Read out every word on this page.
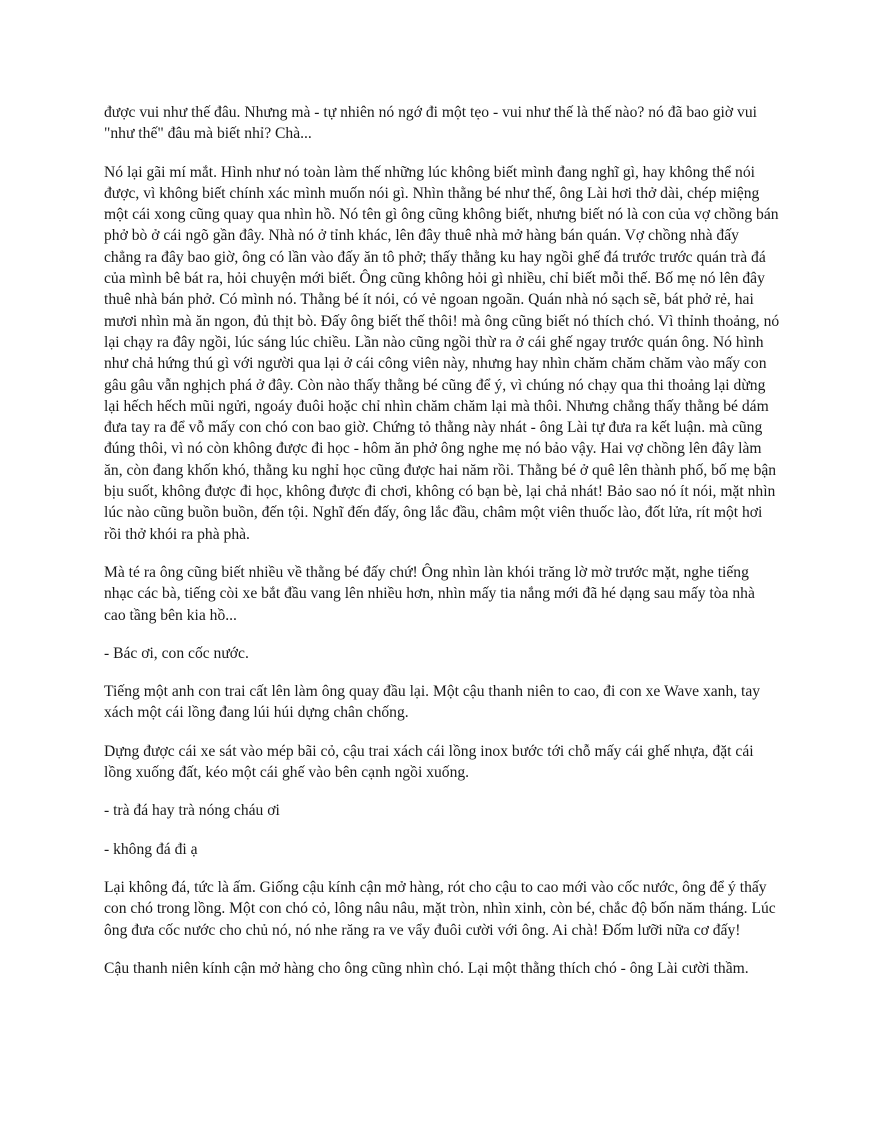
được vui như thế đâu. Nhưng mà - tự nhiên nó ngớ đi một tẹo - vui như thế là thế nào? nó đã bao giờ vui "như thế" đâu mà biết nhỉ? Chà...

Nó lại gãi mí mắt. Hình như nó toàn làm thế những lúc không biết mình đang nghĩ gì, hay không thể nói được, vì không biết chính xác mình muốn nói gì. Nhìn thằng bé như thế, ông Lài hơi thở dài, chép miệng một cái xong cũng quay qua nhìn hồ. Nó tên gì ông cũng không biết, nhưng biết nó là con của vợ chồng bán phở bò ở cái ngõ gần đây. Nhà nó ở tỉnh khác, lên đây thuê nhà mở hàng bán quán. Vợ chồng nhà đấy chẳng ra đây bao giờ, ông có lần vào đấy ăn tô phở; thấy thằng ku hay ngồi ghế đá trước trước quán trà đá của mình bê bát ra, hỏi chuyện mới biết. Ông cũng không hỏi gì nhiều, chỉ biết mỗi thế. Bố mẹ nó lên đây thuê nhà bán phở. Có mình nó. Thằng bé ít nói, có vẻ ngoan ngoãn. Quán nhà nó sạch sẽ, bát phở rẻ, hai mươi nhìn mà ăn ngon, đủ thịt bò. Đấy ông biết thế thôi! mà ông cũng biết nó thích chó. Vì thỉnh thoảng, nó lại chạy ra đây ngồi, lúc sáng lúc chiều. Lần nào cũng ngồi thừ ra ở cái ghế ngay trước quán ông. Nó hình như chả hứng thú gì với người qua lại ở cái công viên này, nhưng hay nhìn chăm chăm chăm vào mấy con gâu gâu vẫn nghịch phá ở đây. Còn nào thấy thằng bé cũng để ý, vì chúng nó chạy qua thi thoảng lại dừng lại hếch hếch mũi ngửi, ngoáy đuôi hoặc chỉ nhìn chăm chăm lại mà thôi. Nhưng chẳng thấy thằng bé dám đưa tay ra để vỗ mấy con chó con bao giờ. Chứng tỏ thằng này nhát - ông Lài tự đưa ra kết luận. mà cũng đúng thôi, vì nó còn không được đi học - hôm ăn phở ông nghe mẹ nó bảo vậy. Hai vợ chồng lên đây làm ăn, còn đang khốn khó, thằng ku nghỉ học cũng được hai năm rồi. Thằng bé ở quê lên thành phố, bố mẹ bận bịu suốt, không được đi học, không được đi chơi, không có bạn bè, lại chả nhát! Bảo sao nó ít nói, mặt nhìn lúc nào cũng buồn buồn, đến tội. Nghĩ đến đấy, ông lắc đầu, châm một viên thuốc lào, đốt lửa, rít một hơi rồi thở khói ra phà phà.

Mà té ra ông cũng biết nhiều về thằng bé đấy chứ! Ông nhìn làn khói trăng lờ mờ trước mặt, nghe tiếng nhạc các bà, tiếng còi xe bắt đầu vang lên nhiều hơn, nhìn mấy tia nắng mới đã hé dạng sau mấy tòa nhà cao tầng bên kia hồ...

- Bác ơi, con cốc nước.

Tiếng một anh con trai cất lên làm ông quay đầu lại. Một cậu thanh niên to cao, đi con xe Wave xanh, tay xách một cái lồng đang lúi húi dựng chân chống.

Dựng được cái xe sát vào mép bãi cỏ, cậu trai xách cái lồng inox bước tới chỗ mấy cái ghế nhựa, đặt cái lồng xuống đất, kéo một cái ghế vào bên cạnh ngồi xuống.

- trà đá hay trà nóng cháu ơi

- không đá đi ạ

Lại không đá, tức là ấm. Giống cậu kính cận mở hàng, rót cho cậu to cao mới vào cốc nước, ông để ý thấy con chó trong lồng. Một con chó cỏ, lông nâu nâu, mặt tròn, nhìn xinh, còn bé, chắc độ bốn năm tháng. Lúc ông đưa cốc nước cho chủ nó, nó nhe răng ra ve vẩy đuôi cười với ông. Ai chà! Đốm lưỡi nữa cơ đấy!

Cậu thanh niên kính cận mở hàng cho ông cũng nhìn chó. Lại một thằng thích chó - ông Lài cười thầm.
